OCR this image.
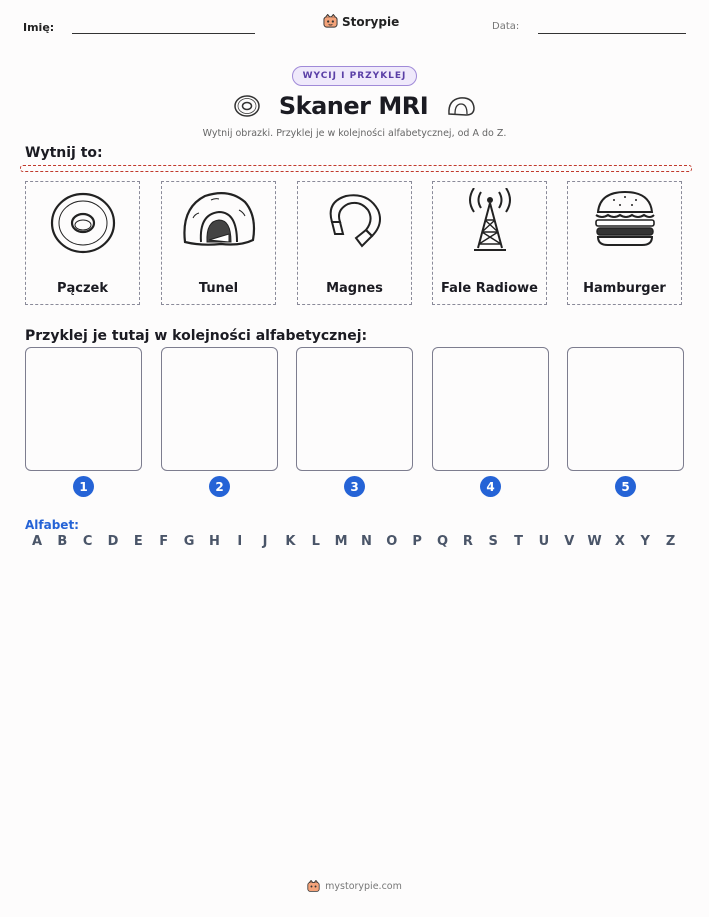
Imię:	Storypie	Data:
WYCIJ I PRZYKLEJ
Skaner MRI
Wytnij obrazki. Przyklej je w kolejności alfabetycznej, od A do Z.
Wytnij to:
Pączek	Tunel	Magnes	Fale Radiowe	Hamburger
Przyklej je tutaj w kolejności alfabetycznej:
1	2	3	4	5
Alfabet:
A	B	C	D	E	F	G	H	I	J	K	L	M	N	O	P	Q	R	S	T	U	V	W	X	Y	Z
mystorypie.com
